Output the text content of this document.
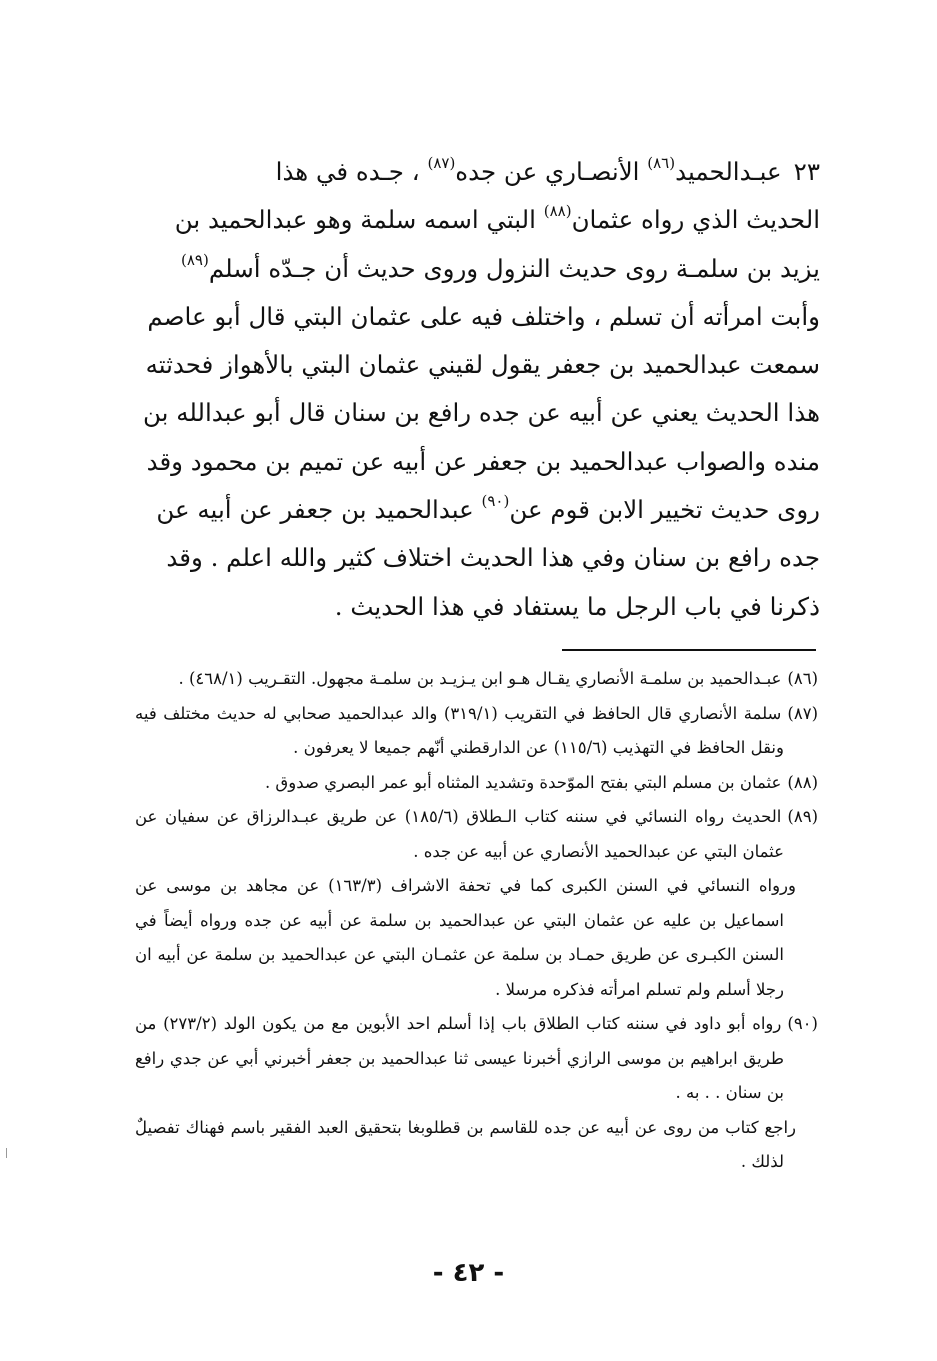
٢٣عبـدالحميد$^{(٨٦)}$ الأنصـاري عن جده$^{(٨٧)}$ ، جـده في هذا

الحديث الذي رواه عثمان$^{(٨٨)}$ البتي اسمه سلمة وهو عبدالحميد بن

يزيد بن سلمـة روى حديث النزول وروى حديث أن جـدّه أسلم$^{(٨٩)}$

وأبت امرأته أن تسلم ، واختلف فيه على عثمان البتي قال أبو عاصم

سمعت عبدالحميد بن جعفر يقول لقيني عثمان البتي بالأهواز فحدثته

هذا الحديث يعني عن أبيه عن جده رافع بن سنان قال أبو عبدالله بن

منده والصواب عبدالحميد بن جعفر عن أبيه عن تميم بن محمود وقد

روى حديث تخيير الابن قوم عن$^{(٩٠)}$ عبدالحميد بن جعفر عن أبيه عن

جده رافع بن سنان وفي هذا الحديث اختلاف كثير والله اعلم . وقد

ذكرنا في باب الرجل ما يستفاد في هذا الحديث .

(٨٦)عبـدالحميد بن سلمـة الأنصاري يقـال هـو ابن يـزيـد بن سلمـة مجهول. التقـريب (٤٦٨/١) .

(٨٧)سلمة الأنصاري قال الحافظ في التقريب (٣١٩/١) والد عبدالحميد صحابي له حديث مختلف فيه ونقل الحافظ في التهذيب (١١٥/٦) عن الدارقطني أنّهم جميعا لا يعرفون .

(٨٨)عثمان بن مسلم البتي بفتح الموّحدة وتشديد المثناه أبو عمر البصري صدوق .

(٨٩)الحديث رواه النسائي في سننه كتاب الـطلاق (١٨٥/٦) عن طريق عبـدالرزاق عن سفيان عن عثمان البتي عن عبدالحميد الأنصاري عن أبيه عن جده .

ورواه النسائي في السنن الكبرى كما في تحفة الاشراف (١٦٣/٣) عن مجاهد بن موسى عن اسماعيل بن عليه عن عثمان البتي عن عبدالحميد بن سلمة عن أبيه عن جده ورواه أيضاً في السنن الكبـرى عن طريق حمـاد بن سلمة عن عثمـان البتي عن عبدالحميد بن سلمة عن أبيه ان رجلا أسلم ولم تسلم امرأته فذكره مرسلا .

(٩٠)رواه أبو داود في سننه كتاب الطلاق باب إذا أسلم احد الأبوين مع من يكون الولد (٢٧٣/٢) من طريق ابراهيم بن موسى الرازي أخبرنا عيسى ثنا عبدالحميد بن جعفر أخبرني أبي عن جدي رافع بن سنان . . به .

راجع كتاب من روى عن أبيه عن جده للقاسم بن قطلوبغا بتحقيق العبد الفقير باسم فهناك تفصيلٌ لذلك .

- ٤٢ -
